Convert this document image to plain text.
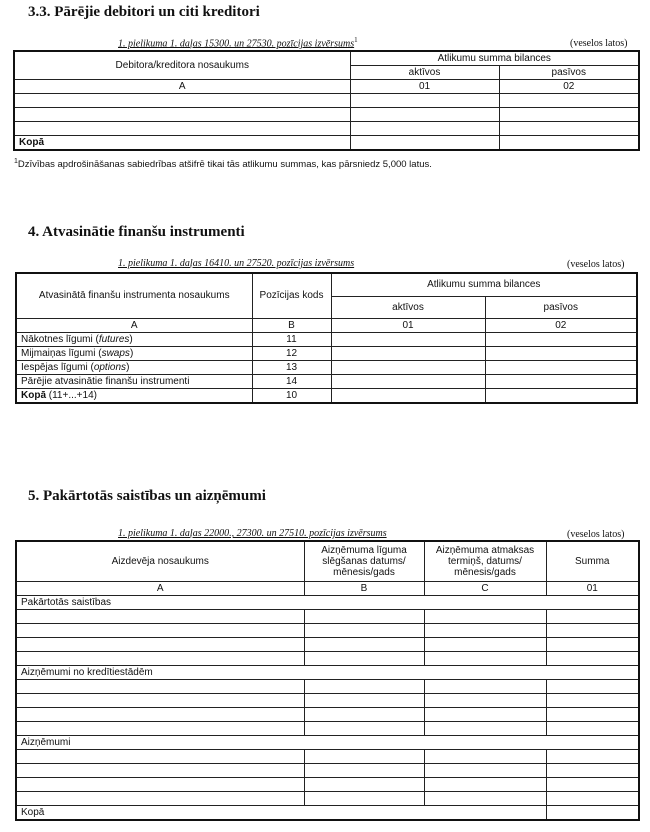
3.3. Pārējie debitori un citi kreditori
1. pielikuma 1. daļas 15300. un 27530. pozīcijas izvērsums$^1$	(veselos latos)
Debitora/kreditora nosaukums	Atlikumu summa bilances	
	aktīvos	pasīvos
A	01	02

Kopā		
$^1$Dzīvības apdrošināšanas sabiedrības atšifrē tikai tās atlikumu summas, kas pārsniedz 5,000 latus.
4. Atvasinātie finanšu instrumenti
1. pielikuma 1. daļas 16410. un 27520. pozīcijas izvērsums	(veselos latos)
Atvasinātā finanšu instrumenta nosaukums	Pozīcijas kods	Atlikumu summa bilances	
		aktīvos	pasīvos
A	B	01	02
Nākotnes līgumi (futures)	11		
Mijmaiņas līgumi (swaps)	12		
Iespējas līgumi (options)	13		
Pārējie atvasinātie finanšu instrumenti	14		
Kopā (11+...+14)	10		
5. Pakārtotās saistības un aizņēmumi
1. pielikuma 1. daļas 22000., 27300. un 27510. pozīcijas izvērsums	(veselos latos)
Aizdevēja nosaukums	Aizņēmuma līguma slēgšanas datums/ mēnesis/gads	Aizņēmuma atmaksas termiņš, datums/ mēnesis/gads	Summa
A	B	C	01
Pakārtotās saistības			

Aizņēmumi no kredītiestādēm			

Aizņēmumi			

Kopā			
